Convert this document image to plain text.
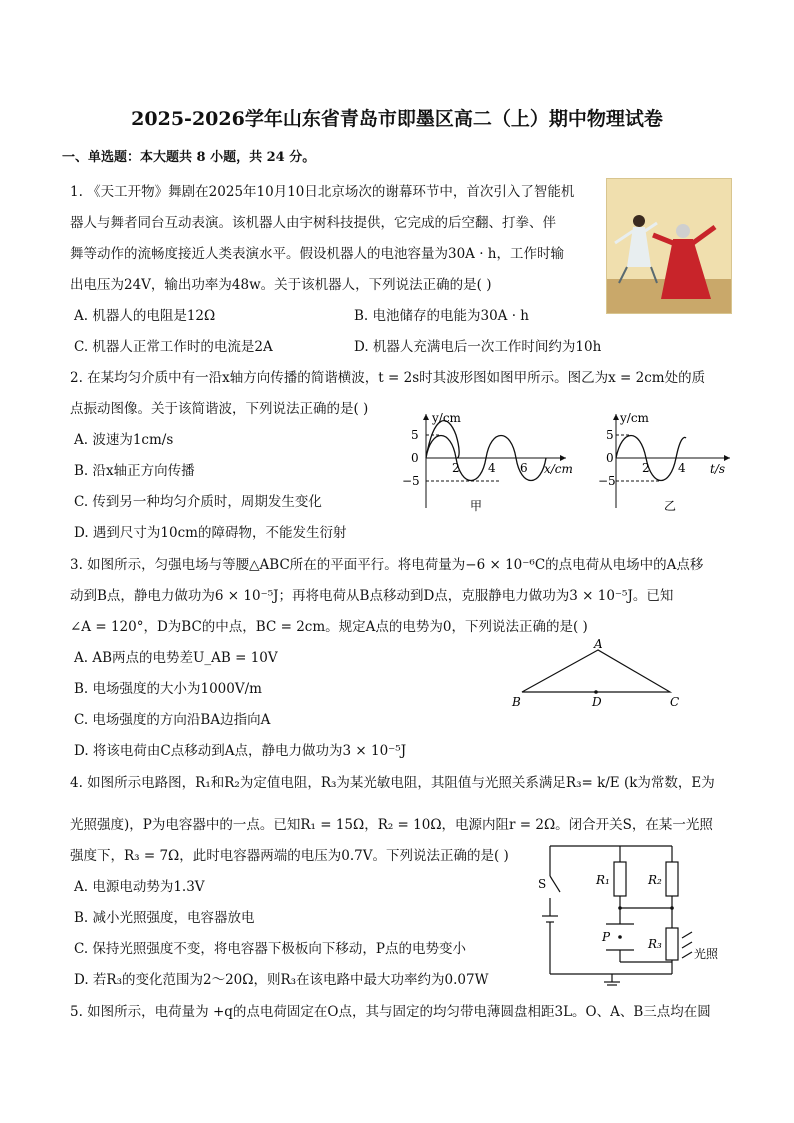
2025-2026学年山东省青岛市即墨区高二（上）期中物理试卷
一、单选题：本大题共 8 小题，共 24 分。
1. 《天工开物》舞剧在2025年10月10日北京场次的谢幕环节中，首次引入了智能机
器人与舞者同台互动表演。该机器人由宇树科技提供，它完成的后空翻、打拳、伴
舞等动作的流畅度接近人类表演水平。假设机器人的电池容量为30A · h，工作时输
出电压为24V，输出功率为48w。关于该机器人，下列说法正确的是( )
A. 机器人的电阻是12Ω	B. 电池储存的电能为30A · h
C. 机器人正常工作时的电流是2A	D. 机器人充满电后一次工作时间约为10h
2. 在某均匀介质中有一沿x轴方向传播的简谐横波，t = 2s时其波形图如图甲所示。图乙为x = 2cm处的质
点振动图像。关于该简谐波，下列说法正确的是( )
A. 波速为1cm/s
B. 沿x轴正方向传播
C. 传到另一种均匀介质时，周期发生变化
D. 遇到尺寸为10cm的障碍物，不能发生衍射
y/cm
x/cm
5
0
−5
2 4 6
甲
y/cm
t/s
5
0
−5
2 4
乙
3. 如图所示，匀强电场与等腰△ABC所在的平面平行。将电荷量为−6 × 10⁻⁶C的点电荷从电场中的A点移
动到B点，静电力做功为6 × 10⁻⁵J；再将电荷从B点移动到D点，克服静电力做功为3 × 10⁻⁵J。已知
∠A = 120°，D为BC的中点，BC = 2cm。规定A点的电势为0，下列说法正确的是( )
A. AB两点的电势差U_AB = 10V
B. 电场强度的大小为1000V/m
C. 电场强度的方向沿BA边指向A
D. 将该电荷由C点移动到A点，静电力做功为3 × 10⁻⁵J
A
B	C
D
4. 如图所示电路图，R₁和R₂为定值电阻，R₃为某光敏电阻，其阻值与光照关系满足R₃= k/E (k为常数，E为
光照强度)，P为电容器中的一点。已知R₁ = 15Ω，R₂ = 10Ω，电源内阻r = 2Ω。闭合开关S，在某一光照
强度下，R₃ = 7Ω，此时电容器两端的电压为0.7V。下列说法正确的是( )
A. 电源电动势为1.3V
B. 减小光照强度，电容器放电
C. 保持光照强度不变，将电容器下极板向下移动，P点的电势变小
D. 若R₃的变化范围为2～20Ω，则R₃在该电路中最大功率约为0.07W
S	R₁	R₂
R₃
P
光照
5. 如图所示，电荷量为 +q的点电荷固定在O点，其与固定的均匀带电薄圆盘相距3L。O、A、B三点均在圆
